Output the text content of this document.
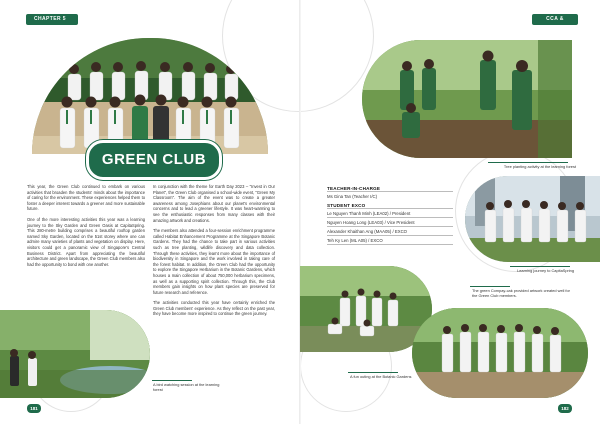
CHAPTER 5	CCA & CAS
GREEN CLUB

This year, the Green Club continued to embark on various activities that broaden the students' minds about the importance of caring for the environment. These experiences helped them to foster a deeper interest towards a greener and more sustainable future.

One of the more interesting activities this year was a learning journey to the Sky Garden and Green Oasis at CapitaSpring. This 280-metre building comprises a beautiful rooftop garden named Sky Garden, located on the 51st storey where one can admire many varieties of plants and vegetation on display. Here, visitors could get a panoramic view of Singapore's Central Business District. Apart from appreciating the beautiful architecture and green landscape, the Green Club members also had the opportunity to bond with one another.

In conjunction with the theme for Earth Day 2023 – "Invest in Our Planet", the Green Club organised a school-wide event, "Green My Classroom". The aim of the event was to create a greater awareness among Josephians about our planet's environmental concerns and to lead a greener lifestyle. It was heart-warming to see the enthusiastic responses from many classes with their amazing artwork and creations.

The members also attended a four-session enrichment programme called Habitat Enhancement Programme at the Singapore Botanic Gardens. They had the chance to take part in various activities such as tree planting, wildlife discovery and data collection. Through these activities, they learnt more about the importance of biodiversity in Singapore and the work involved in taking care of the forest habitat. In addition, the Green Club had the opportunity to explore the Singapore Herbarium in the Botanic Gardens, which houses a main collection of about 750,000 herbarium specimens, as well as a supporting spirit collection. Through this, the Club members gain insights on how plant species are preserved for future research and reference.

The activities conducted this year have certainly enriched the Green Club members' experience. As they reflect on the past year, they have become more inspired to continue the green journey.

A bird watching session at the learning forest
181
Tree planting activity at the learning forest
TEACHER-IN-CHARGE
Ms Gina Tan (Teacher I/C)
STUDENT EXCO
Le Nguyen Thanh Minh (LEA02) / President
Nguyen Hoang Long (LEA03) / Vice President
Alexander Khaithan Ang (MAA05) / EXCO
Teh Ky Len (ML A05) / EXCO
Learning journey to CapitaSpring
The green Compay-cak provided artwork created well for the Green Club members.
A fun outing at the Botanic Gardens
182
